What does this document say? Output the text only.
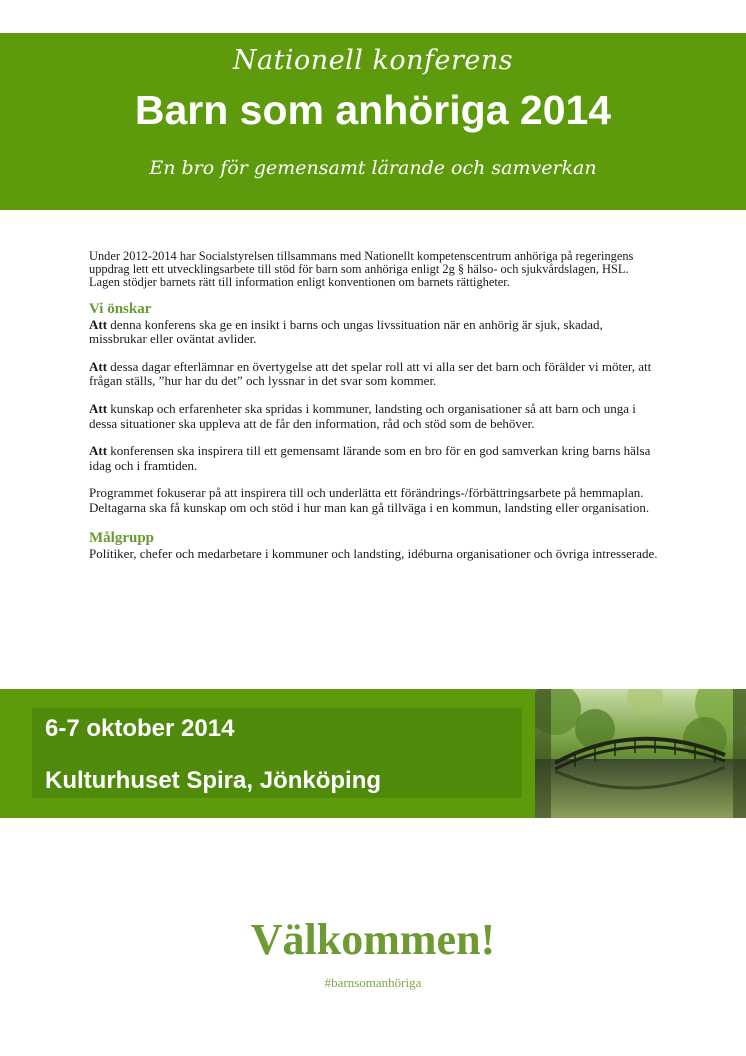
Nationell konferens
Barn som anhöriga 2014
En bro för gemensamt lärande och samverkan

Under 2012-2014 har Socialstyrelsen tillsammans med Nationellt kompetenscentrum anhöriga på regeringens uppdrag lett ett utvecklingsarbete till stöd för barn som anhöriga enligt 2g § hälso- och sjukvårdslagen, HSL. Lagen stödjer barnets rätt till information enligt konventionen om barnets rättigheter.

Vi önskar

Att denna konferens ska ge en insikt i barns och ungas livssituation när en anhörig är sjuk, skadad, missbrukar eller oväntat avlider.

Att dessa dagar efterlämnar en övertygelse att det spelar roll att vi alla ser det barn och förälder vi möter, att frågan ställs, ”hur har du det” och lyssnar in det svar som kommer.

Att kunskap och erfarenheter ska spridas i kommuner, landsting och organisationer så att barn och unga i dessa situationer ska uppleva att de får den information, råd och stöd som de behöver.

Att konferensen ska inspirera till ett gemensamt lärande som en bro för en god samverkan kring barns hälsa idag och i framtiden.

Programmet fokuserar på att inspirera till och underlätta ett förändrings-/förbättringsarbete på hemmaplan. Deltagarna ska få kunskap om och stöd i hur man kan gå tillväga i en kommun, landsting eller organisation.

Målgrupp

Politiker, chefer och medarbetare i kommuner och landsting, idéburna organisationer och övriga intresserade.

6-7 oktober 2014
Kulturhuset Spira, Jönköping
Välkommen!
#barnsomanhöriga
